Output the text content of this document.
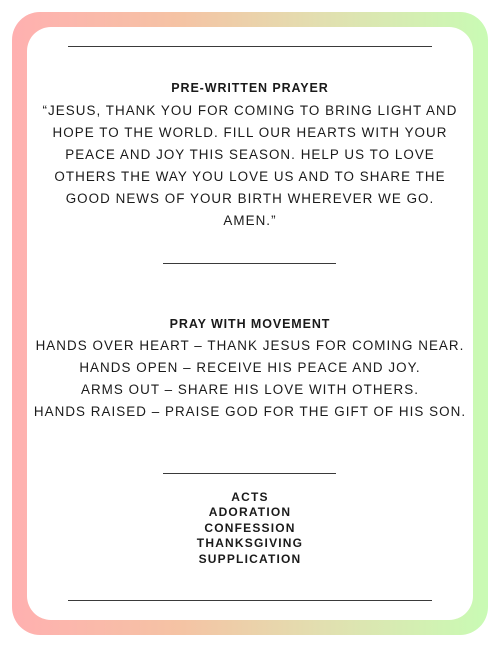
PRE-WRITTEN PRAYER
“JESUS, THANK YOU FOR COMING TO BRING LIGHT AND
HOPE TO THE WORLD. FILL OUR HEARTS WITH YOUR
PEACE AND JOY THIS SEASON. HELP US TO LOVE
OTHERS THE WAY YOU LOVE US AND TO SHARE THE
GOOD NEWS OF YOUR BIRTH WHEREVER WE GO.
AMEN.”
PRAY WITH MOVEMENT
HANDS OVER HEART – THANK JESUS FOR COMING NEAR.
HANDS OPEN – RECEIVE HIS PEACE AND JOY.
ARMS OUT – SHARE HIS LOVE WITH OTHERS.
HANDS RAISED – PRAISE GOD FOR THE GIFT OF HIS SON.
ACTS
ADORATION
CONFESSION
THANKSGIVING
SUPPLICATION
